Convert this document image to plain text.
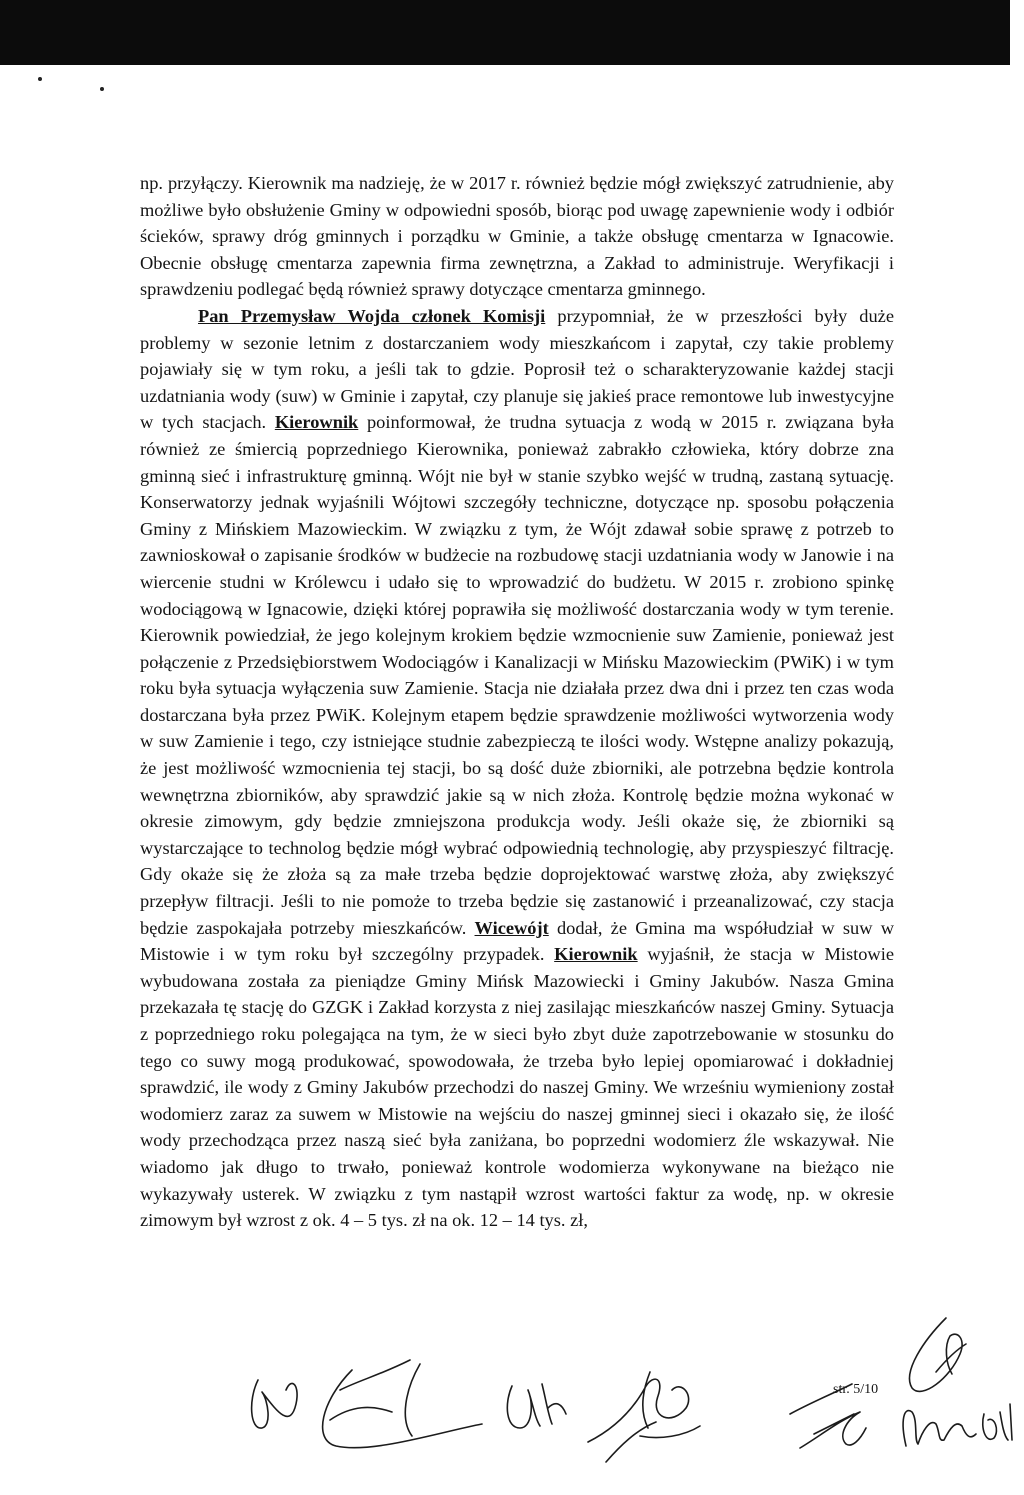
np. przyłączy. Kierownik ma nadzieję, że w 2017 r. również będzie mógł zwiększyć zatrudnienie, aby możliwe było obsłużenie Gminy w odpowiedni sposób, biorąc pod uwagę zapewnienie wody i odbiór ścieków, sprawy dróg gminnych i porządku w Gminie, a także obsługę cmentarza w Ignacowie. Obecnie obsługę cmentarza zapewnia firma zewnętrzna, a Zakład to administruje. Weryfikacji i sprawdzeniu podlegać będą również sprawy dotyczące cmentarza gminnego.

Pan Przemysław Wojda członek Komisji przypomniał, że w przeszłości były duże problemy w sezonie letnim z dostarczaniem wody mieszkańcom i zapytał, czy takie problemy pojawiały się w tym roku, a jeśli tak to gdzie. Poprosił też o scharakteryzowanie każdej stacji uzdatniania wody (suw) w Gminie i zapytał, czy planuje się jakieś prace remontowe lub inwestycyjne w tych stacjach. Kierownik poinformował, że trudna sytuacja z wodą w 2015 r. związana była również ze śmiercią poprzedniego Kierownika, ponieważ zabrakło człowieka, który dobrze zna gminną sieć i infrastrukturę gminną. Wójt nie był w stanie szybko wejść w trudną, zastaną sytuację. Konserwatorzy jednak wyjaśnili Wójtowi szczegóły techniczne, dotyczące np. sposobu połączenia Gminy z Mińskiem Mazowieckim. W związku z tym, że Wójt zdawał sobie sprawę z potrzeb to zawnioskował o zapisanie środków w budżecie na rozbudowę stacji uzdatniania wody w Janowie i na wiercenie studni w Królewcu i udało się to wprowadzić do budżetu. W 2015 r. zrobiono spinkę wodociągową w Ignacowie, dzięki której poprawiła się możliwość dostarczania wody w tym terenie. Kierownik powiedział, że jego kolejnym krokiem będzie wzmocnienie suw Zamienie, ponieważ jest połączenie z Przedsiębiorstwem Wodociągów i Kanalizacji w Mińsku Mazowieckim (PWiK) i w tym roku była sytuacja wyłączenia suw Zamienie. Stacja nie działała przez dwa dni i przez ten czas woda dostarczana była przez PWiK. Kolejnym etapem będzie sprawdzenie możliwości wytworzenia wody w suw Zamienie i tego, czy istniejące studnie zabezpieczą te ilości wody. Wstępne analizy pokazują, że jest możliwość wzmocnienia tej stacji, bo są dość duże zbiorniki, ale potrzebna będzie kontrola wewnętrzna zbiorników, aby sprawdzić jakie są w nich złoża. Kontrolę będzie można wykonać w okresie zimowym, gdy będzie zmniejszona produkcja wody. Jeśli okaże się, że zbiorniki są wystarczające to technolog będzie mógł wybrać odpowiednią technologię, aby przyspieszyć filtrację. Gdy okaże się że złoża są za małe trzeba będzie doprojektować warstwę złoża, aby zwiększyć przepływ filtracji. Jeśli to nie pomoże to trzeba będzie się zastanowić i przeanalizować, czy stacja będzie zaspokajała potrzeby mieszkańców. Wicewójt dodał, że Gmina ma współudział w suw w Mistowie i w tym roku był szczególny przypadek. Kierownik wyjaśnił, że stacja w Mistowie wybudowana została za pieniądze Gminy Mińsk Mazowiecki i Gminy Jakubów. Nasza Gmina przekazała tę stację do GZGK i Zakład korzysta z niej zasilając mieszkańców naszej Gminy. Sytuacja z poprzedniego roku polegająca na tym, że w sieci było zbyt duże zapotrzebowanie w stosunku do tego co suwy mogą produkować, spowodowała, że trzeba było lepiej opomiarować i dokładniej sprawdzić, ile wody z Gminy Jakubów przechodzi do naszej Gminy. We wrześniu wymieniony został wodomierz zaraz za suwem w Mistowie na wejściu do naszej gminnej sieci i okazało się, że ilość wody przechodząca przez naszą sieć była zaniżana, bo poprzedni wodomierz źle wskazywał. Nie wiadomo jak długo to trwało, ponieważ kontrole wodomierza wykonywane na bieżąco nie wykazywały usterek. W związku z tym nastąpił wzrost wartości faktur za wodę, np. w okresie zimowym był wzrost z ok. 4 – 5 tys. zł na ok. 12 – 14 tys. zł,

str. 5/10
